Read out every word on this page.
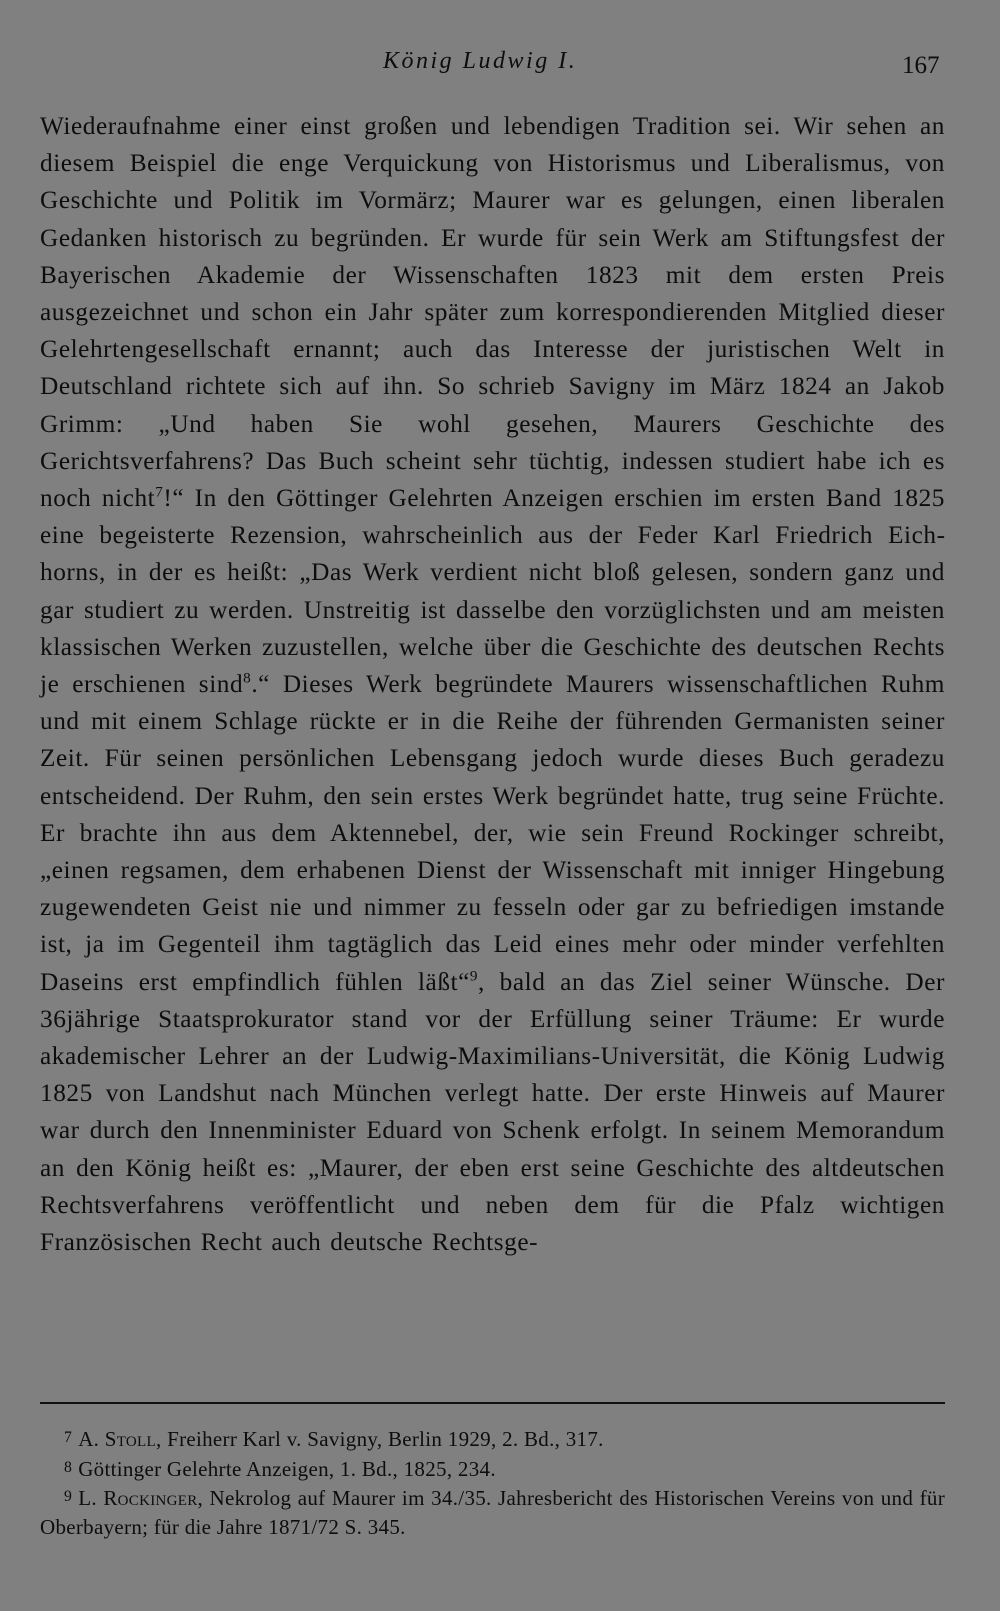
König Ludwig I.	167

Wiederaufnahme einer einst großen und lebendigen Tradition sei. Wir sehen an diesem Beispiel die enge Verquickung von Historismus und Liberalismus, von Geschichte und Politik im Vormärz; Maurer war es gelungen, einen liberalen Gedanken historisch zu begründen. Er wurde für sein Werk am Stiftungsfest der Bayerischen Akademie der Wissenschaften 1823 mit dem ersten Preis ausgezeichnet und schon ein Jahr später zum korrespondierenden Mitglied dieser Gelehrtengesellschaft ernannt; auch das Interesse der juristischen Welt in Deutschland richtete sich auf ihn. So schrieb Savigny im März 1824 an Jakob Grimm: „Und haben Sie wohl gesehen, Maurers Geschichte des Gerichtsverfahrens? Das Buch scheint sehr tüchtig, indessen studiert habe ich es noch nicht$^7$!“ In den Göttinger Gelehrten Anzeigen erschien im ersten Band 1825 eine begeisterte Rezension, wahrscheinlich aus der Feder Karl Friedrich Eichhorns, in der es heißt: „Das Werk verdient nicht bloß gelesen, sondern ganz und gar studiert zu werden. Unstreitig ist dasselbe den vorzüglichsten und am meisten klassischen Werken zuzustellen, welche über die Geschichte des deutschen Rechts je erschienen sind$^8$.“ Dieses Werk begründete Maurers wissenschaftlichen Ruhm und mit einem Schlage rückte er in die Reihe der führenden Germanisten seiner Zeit. Für seinen persönlichen Lebensgang jedoch wurde dieses Buch geradezu entscheidend. Der Ruhm, den sein erstes Werk begründet hatte, trug seine Früchte. Er brachte ihn aus dem Aktennebel, der, wie sein Freund Rockinger schreibt, „einen regsamen, dem erhabenen Dienst der Wissenschaft mit inniger Hingebung zugewendeten Geist nie und nimmer zu fesseln oder gar zu befriedigen imstande ist, ja im Gegenteil ihm tagtäglich das Leid eines mehr oder minder verfehlten Daseins erst empfindlich fühlen läßt“$^9$, bald an das Ziel seiner Wünsche. Der 36jährige Staatsprokurator stand vor der Erfüllung seiner Träume: Er wurde akademischer Lehrer an der Ludwig-Maximilians-Universität, die König Ludwig 1825 von Landshut nach München verlegt hatte. Der erste Hinweis auf Maurer war durch den Innenminister Eduard von Schenk erfolgt. In seinem Memorandum an den König heißt es: „Maurer, der eben erst seine Geschichte des altdeutschen Rechtsverfahrens veröffentlicht und neben dem für die Pfalz wichtigen Französischen Recht auch deutsche Rechtsge-

7 A. Stoll, Freiherr Karl v. Savigny, Berlin 1929, 2. Bd., 317.

8 Göttinger Gelehrte Anzeigen, 1. Bd., 1825, 234.

9 L. Rockinger, Nekrolog auf Maurer im 34./35. Jahresbericht des Historischen Vereins von und für Oberbayern; für die Jahre 1871/72 S. 345.
